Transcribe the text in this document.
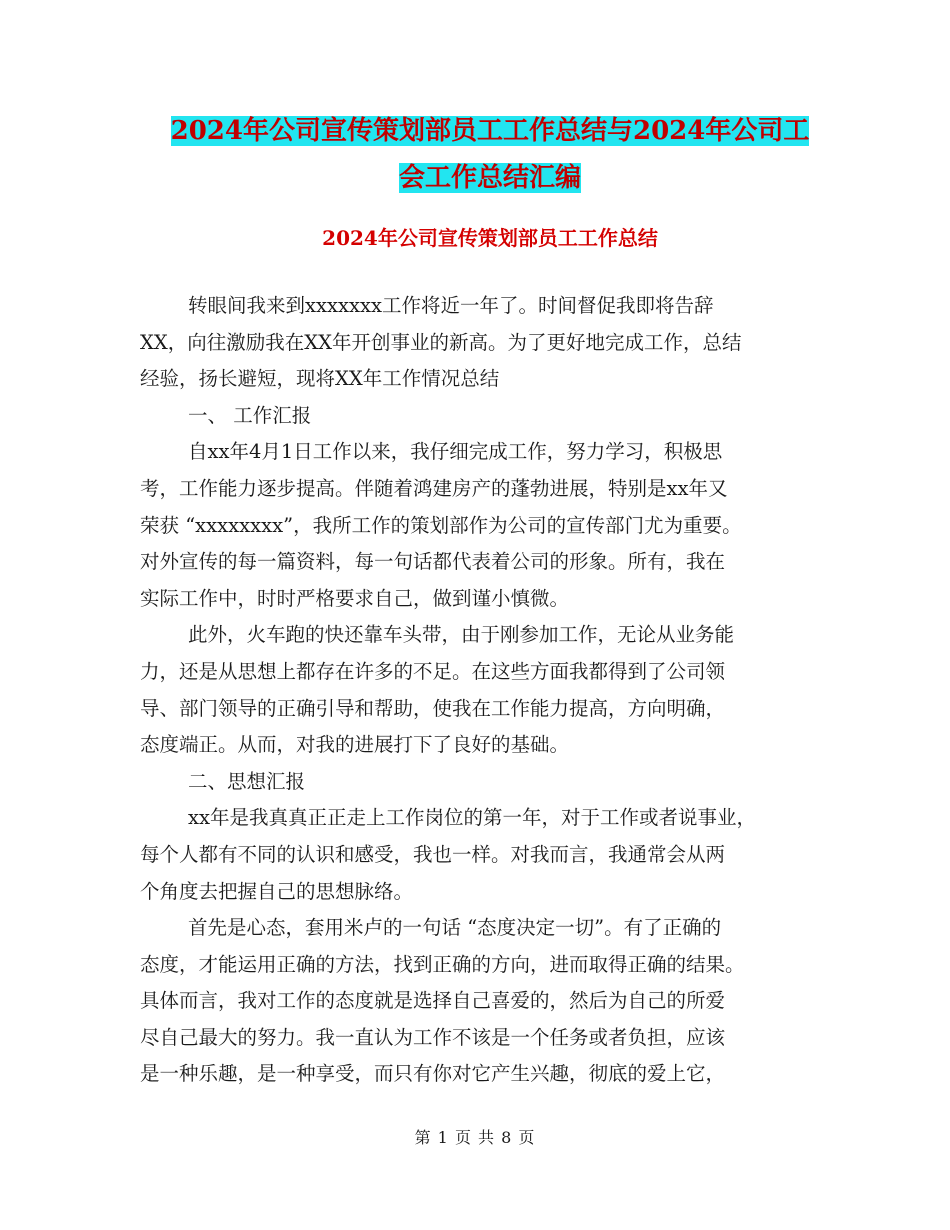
2024年公司宣传策划部员工工作总结与2024年公司工
会工作总结汇编
2024年公司宣传策划部员工工作总结
转眼间我来到xxxxxxx工作将近一年了。时间督促我即将告辞
XX，向往激励我在XX年开创事业的新高。为了更好地完成工作，总结
经验，扬长避短，现将XX年工作情况总结
一、 工作汇报
自xx年4月1日工作以来，我仔细完成工作，努力学习，积极思
考，工作能力逐步提高。伴随着鸿建房产的蓬勃进展，特别是xx年又
荣获 “xxxxxxxx”，我所工作的策划部作为公司的宣传部门尤为重要。
对外宣传的每一篇资料，每一句话都代表着公司的形象。所有，我在
实际工作中，时时严格要求自己，做到谨小慎微。
此外，火车跑的快还靠车头带，由于刚参加工作，无论从业务能
力，还是从思想上都存在许多的不足。在这些方面我都得到了公司领
导、部门领导的正确引导和帮助，使我在工作能力提高，方向明确，
态度端正。从而，对我的进展打下了良好的基础。
二、思想汇报
xx年是我真真正正走上工作岗位的第一年，对于工作或者说事业，
每个人都有不同的认识和感受，我也一样。对我而言，我通常会从两
个角度去把握自己的思想脉络。
首先是心态，套用米卢的一句话 “态度决定一切”。有了正确的
态度，才能运用正确的方法，找到正确的方向，进而取得正确的结果。
具体而言，我对工作的态度就是选择自己喜爱的，然后为自己的所爱
尽自己最大的努力。我一直认为工作不该是一个任务或者负担，应该
是一种乐趣，是一种享受，而只有你对它产生兴趣，彻底的爱上它，
第 1 页 共 8 页
